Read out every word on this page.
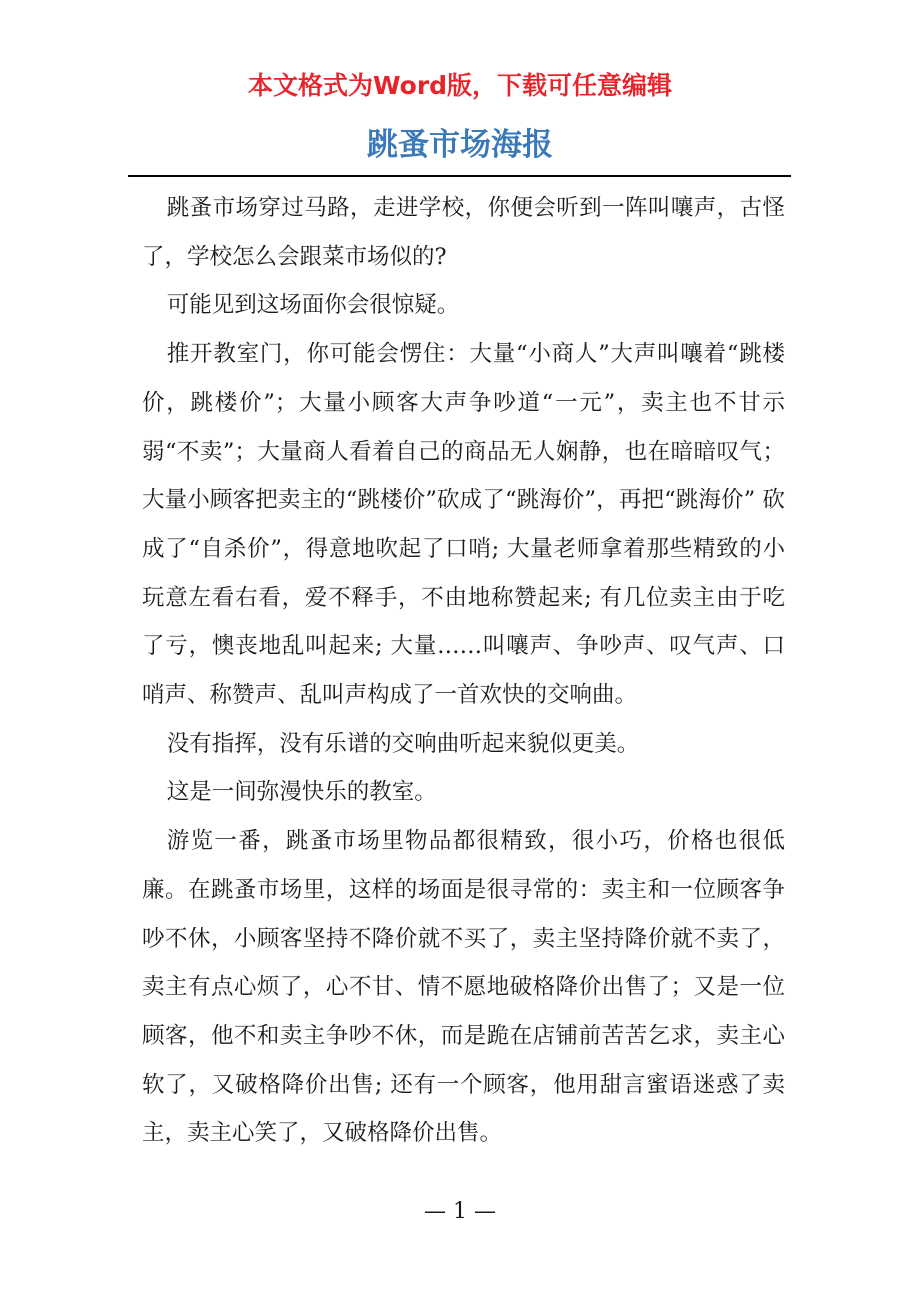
本文格式为Word版，下载可任意编辑
跳蚤市场海报

跳蚤市场穿过马路，走进学校，你便会听到一阵叫嚷声，古怪了，学校怎么会跟菜市场似的?

可能见到这场面你会很惊疑。

推开教室门，你可能会愣住：大量“小商人”大声叫嚷着“跳楼价，跳楼价”；大量小顾客大声争吵道“一元”，卖主也不甘示弱“不卖”；大量商人看着自己的商品无人娴静，也在暗暗叹气；大量小顾客把卖主的“跳楼价”砍成了“跳海价”，再把“跳海价” 砍成了“自杀价”，得意地吹起了口哨; 大量老师拿着那些精致的小玩意左看右看，爱不释手，不由地称赞起来; 有几位卖主由于吃了亏，懊丧地乱叫起来; 大量……叫嚷声、争吵声、叹气声、口哨声、称赞声、乱叫声构成了一首欢快的交响曲。

没有指挥，没有乐谱的交响曲听起来貌似更美。

这是一间弥漫快乐的教室。

游览一番，跳蚤市场里物品都很精致，很小巧，价格也很低廉。在跳蚤市场里，这样的场面是很寻常的：卖主和一位顾客争吵不休，小顾客坚持不降价就不买了，卖主坚持降价就不卖了，卖主有点心烦了，心不甘、情不愿地破格降价出售了；又是一位顾客，他不和卖主争吵不休，而是跪在店铺前苦苦乞求，卖主心软了，又破格降价出售; 还有一个顾客，他用甜言蜜语迷惑了卖主，卖主心笑了，又破格降价出售。

— 1 —
